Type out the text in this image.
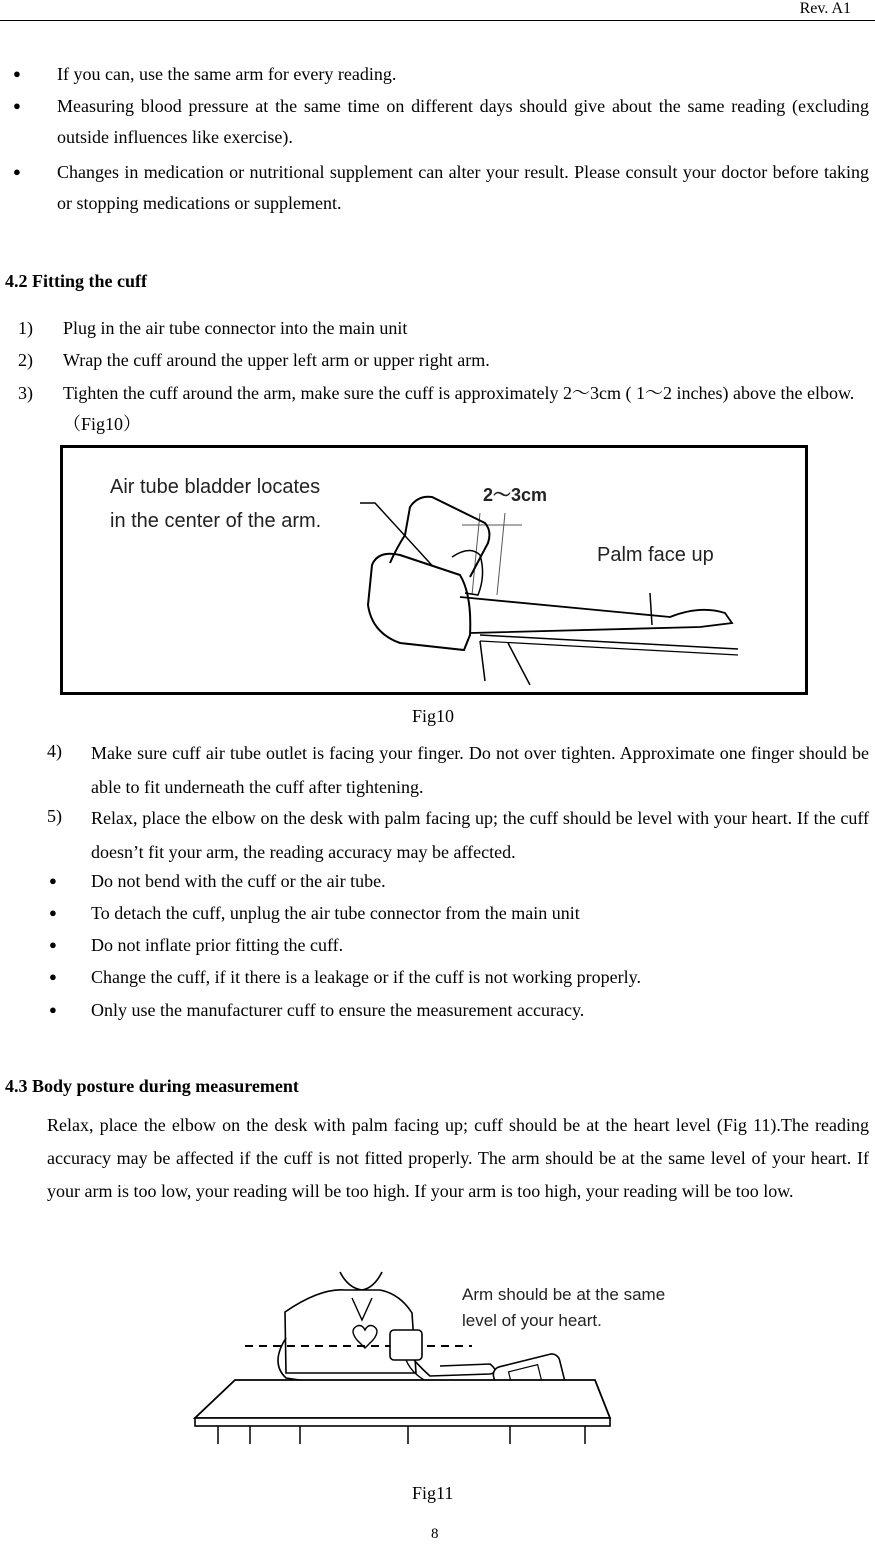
Rev. A1
● If you can, use the same arm for every reading.
● Measuring blood pressure at the same time on different days should give about the same reading (excluding outside influences like exercise).
● Changes in medication or nutritional supplement can alter your result. Please consult your doctor before taking or stopping medications or supplement.
4.2 Fitting the cuff
1) Plug in the air tube connector into the main unit
2) Wrap the cuff around the upper left arm or upper right arm.
3) Tighten the cuff around the arm, make sure the cuff is approximately 2～3cm ( 1～2 inches) above the elbow.（Fig10）
Air tube bladder locates
in the center of the arm.
2～3cm
Palm face up
Fig10
4) Make sure cuff air tube outlet is facing your finger. Do not over tighten. Approximate one finger should be able to fit underneath the cuff after tightening.
5) Relax, place the elbow on the desk with palm facing up; the cuff should be level with your heart. If the cuff doesn’t fit your arm, the reading accuracy may be affected.
● Do not bend with the cuff or the air tube.
● To detach the cuff, unplug the air tube connector from the main unit
● Do not inflate prior fitting the cuff.
● Change the cuff, if it there is a leakage or if the cuff is not working properly.
● Only use the manufacturer cuff to ensure the measurement accuracy.
4.3 Body posture during measurement
Relax, place the elbow on the desk with palm facing up; cuff should be at the heart level (Fig 11).The reading accuracy may be affected if the cuff is not fitted properly. The arm should be at the same level of your heart. If your arm is too low, your reading will be too high. If your arm is too high, your reading will be too low.
Arm should be at the same
level of your heart.
Fig11
8
